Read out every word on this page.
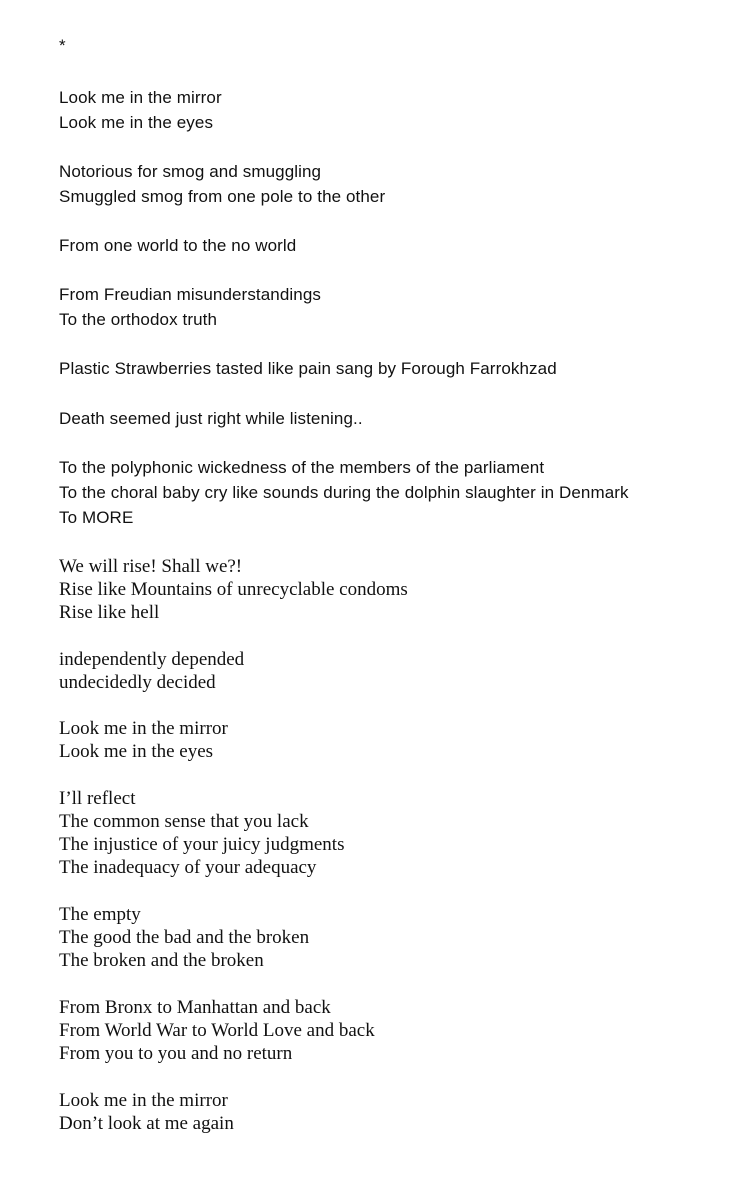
*
Look me in the mirror
Look me in the eyes
Notorious for smog and smuggling
Smuggled smog from one pole to the other
From one world to the no world
From Freudian misunderstandings
To the orthodox truth
Plastic Strawberries tasted like pain sang by Forough Farrokhzad
Death seemed just right while listening..
To the polyphonic wickedness of the members of the parliament
To the choral baby cry like sounds during the dolphin slaughter in Denmark
To MORE
We will rise! Shall we?!
Rise like Mountains of unrecyclable condoms
Rise like hell
independently depended
undecidedly decided
Look me in the mirror
Look me in the eyes
I’ll reflect
The common sense that you lack
The injustice of your juicy judgments
The inadequacy of your adequacy
The empty
The good the bad and the broken
The broken and the broken
From Bronx to Manhattan and back
From World War to World Love and back
From you to you and no return
Look me in the mirror
Don’t look at me again
